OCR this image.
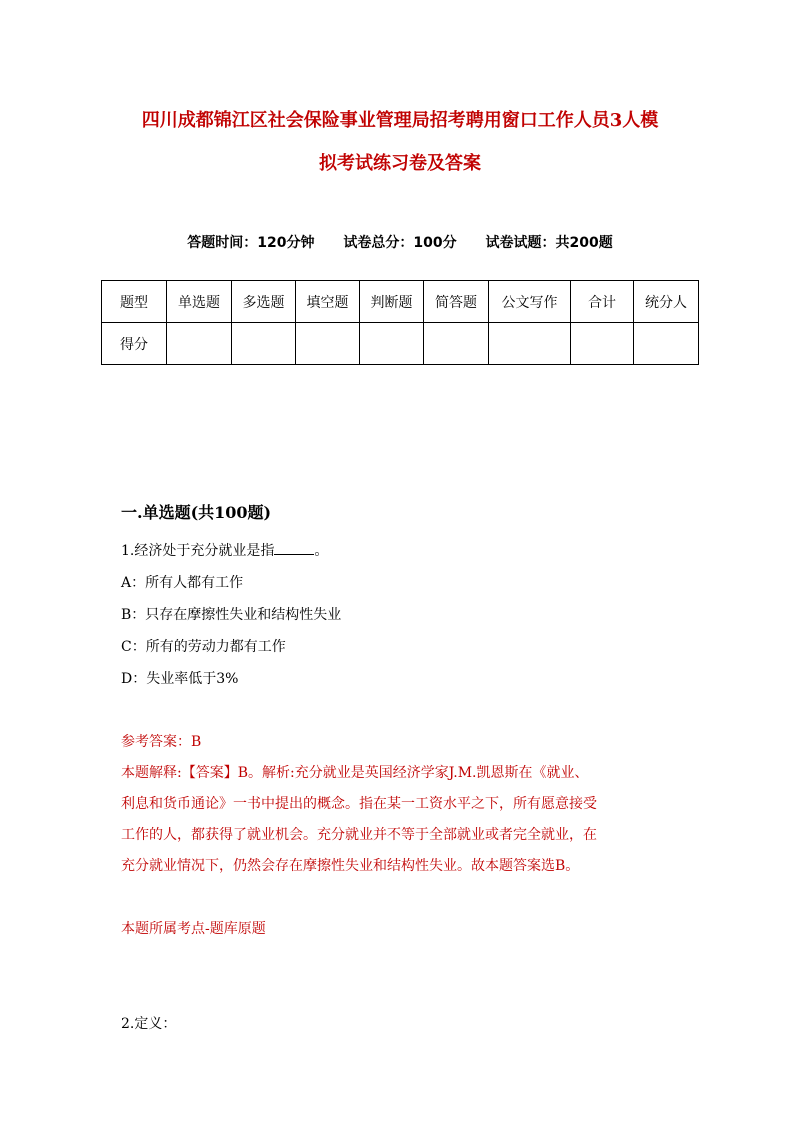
四川成都锦江区社会保险事业管理局招考聘用窗口工作人员3人模
拟考试练习卷及答案
答题时间：120分钟 试卷总分：100分 试卷试题：共200题
题型	单选题	多选题	填空题	判断题	简答题	公文写作	合计	统分人
得分								
一.单选题(共100题)
1.经济处于充分就业是指	。
A：所有人都有工作
B：只存在摩擦性失业和结构性失业
C：所有的劳动力都有工作
D：失业率低于3%
参考答案：B
本题解释:【答案】B。解析:充分就业是英国经济学家J.M.凯恩斯在《就业、
利息和货币通论》一书中提出的概念。指在某一工资水平之下，所有愿意接受
工作的人，都获得了就业机会。充分就业并不等于全部就业或者完全就业，在
充分就业情况下，仍然会存在摩擦性失业和结构性失业。故本题答案选B。
本题所属考点-题库原题
2.定义：
